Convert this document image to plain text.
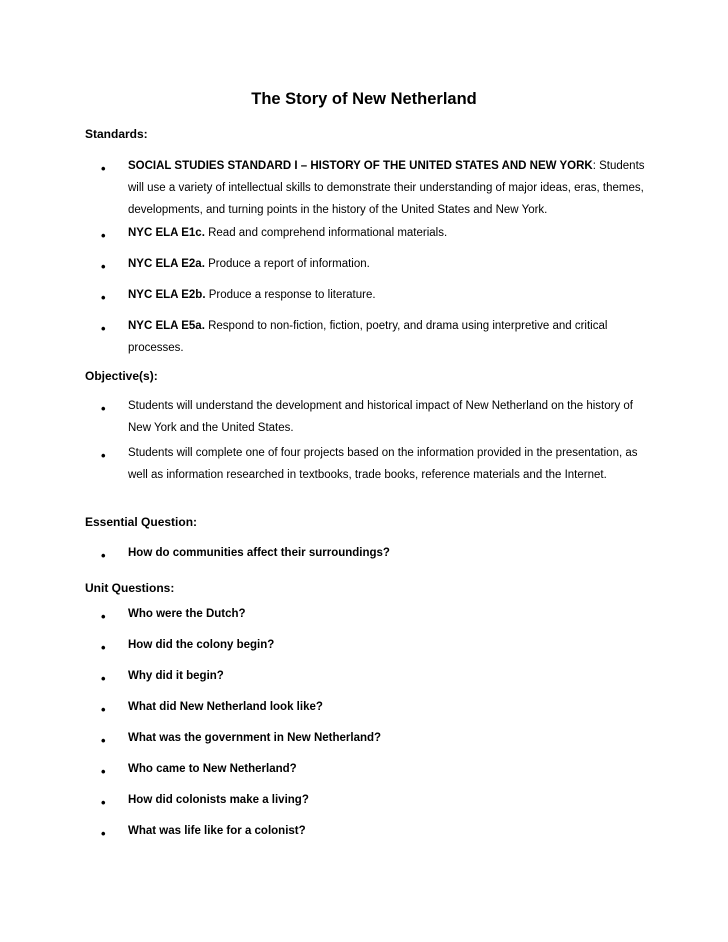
The Story of New Netherland
Standards:
• SOCIAL STUDIES STANDARD I – HISTORY OF THE UNITED STATES AND NEW YORK: Students will use a variety of intellectual skills to demonstrate their understanding of major ideas, eras, themes, developments, and turning points in the history of the United States and New York.
• NYC ELA E1c. Read and comprehend informational materials.
• NYC ELA E2a. Produce a report of information.
• NYC ELA E2b. Produce a response to literature.
• NYC ELA E5a. Respond to non-fiction, fiction, poetry, and drama using interpretive and critical processes.
Objective(s):
• Students will understand the development and historical impact of New Netherland on the history of New York and the United States.
• Students will complete one of four projects based on the information provided in the presentation, as well as information researched in textbooks, trade books, reference materials and the Internet.
Essential Question:
• How do communities affect their surroundings?
Unit Questions:
• Who were the Dutch?
• How did the colony begin?
• Why did it begin?
• What did New Netherland look like?
• What was the government in New Netherland?
• Who came to New Netherland?
• How did colonists make a living?
• What was life like for a colonist?
